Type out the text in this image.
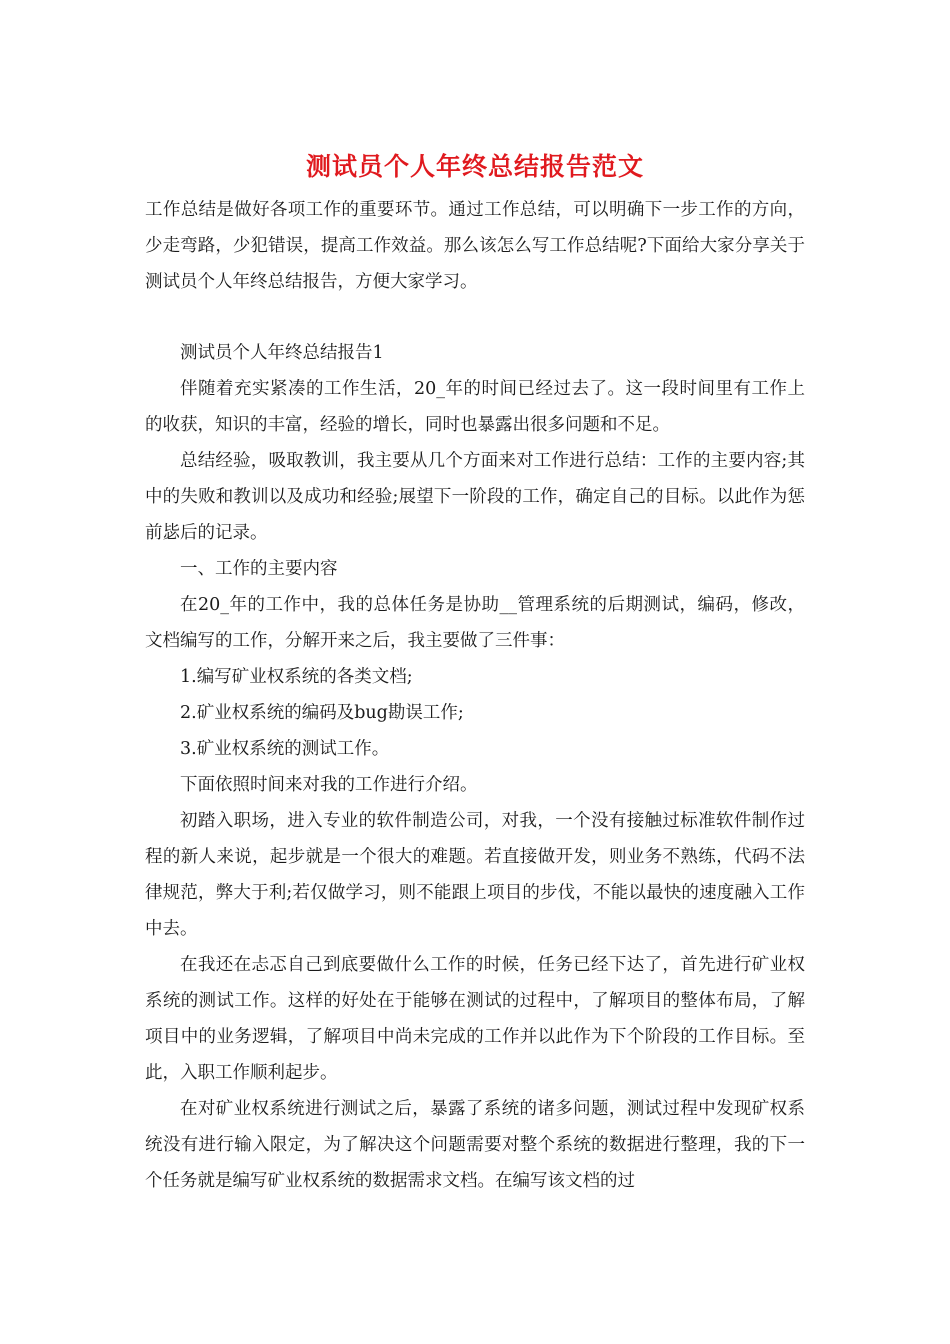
测试员个人年终总结报告范文

工作总结是做好各项工作的重要环节。通过工作总结，可以明确下一步工作的方向，少走弯路，少犯错误，提高工作效益。那么该怎么写工作总结呢?下面给大家分享关于测试员个人年终总结报告，方便大家学习。

测试员个人年终总结报告1

伴随着充实紧凑的工作生活，20_年的时间已经过去了。这一段时间里有工作上的收获，知识的丰富，经验的增长，同时也暴露出很多问题和不足。

总结经验，吸取教训，我主要从几个方面来对工作进行总结：工作的主要内容;其中的失败和教训以及成功和经验;展望下一阶段的工作，确定自己的目标。以此作为惩前毖后的记录。

一、工作的主要内容

在20_年的工作中，我的总体任务是协助__管理系统的后期测试，编码，修改，文档编写的工作，分解开来之后，我主要做了三件事：

1.编写矿业权系统的各类文档;

2.矿业权系统的编码及bug勘误工作;

3.矿业权系统的测试工作。

下面依照时间来对我的工作进行介绍。

初踏入职场，进入专业的软件制造公司，对我，一个没有接触过标准软件制作过程的新人来说，起步就是一个很大的难题。若直接做开发，则业务不熟练，代码不法律规范，弊大于利;若仅做学习，则不能跟上项目的步伐，不能以最快的速度融入工作中去。

在我还在忐忑自己到底要做什么工作的时候，任务已经下达了，首先进行矿业权系统的测试工作。这样的好处在于能够在测试的过程中，了解项目的整体布局，了解项目中的业务逻辑，了解项目中尚未完成的工作并以此作为下个阶段的工作目标。至此，入职工作顺利起步。

在对矿业权系统进行测试之后，暴露了系统的诸多问题，测试过程中发现矿权系统没有进行输入限定，为了解决这个问题需要对整个系统的数据进行整理，我的下一个任务就是编写矿业权系统的数据需求文档。在编写该文档的过
